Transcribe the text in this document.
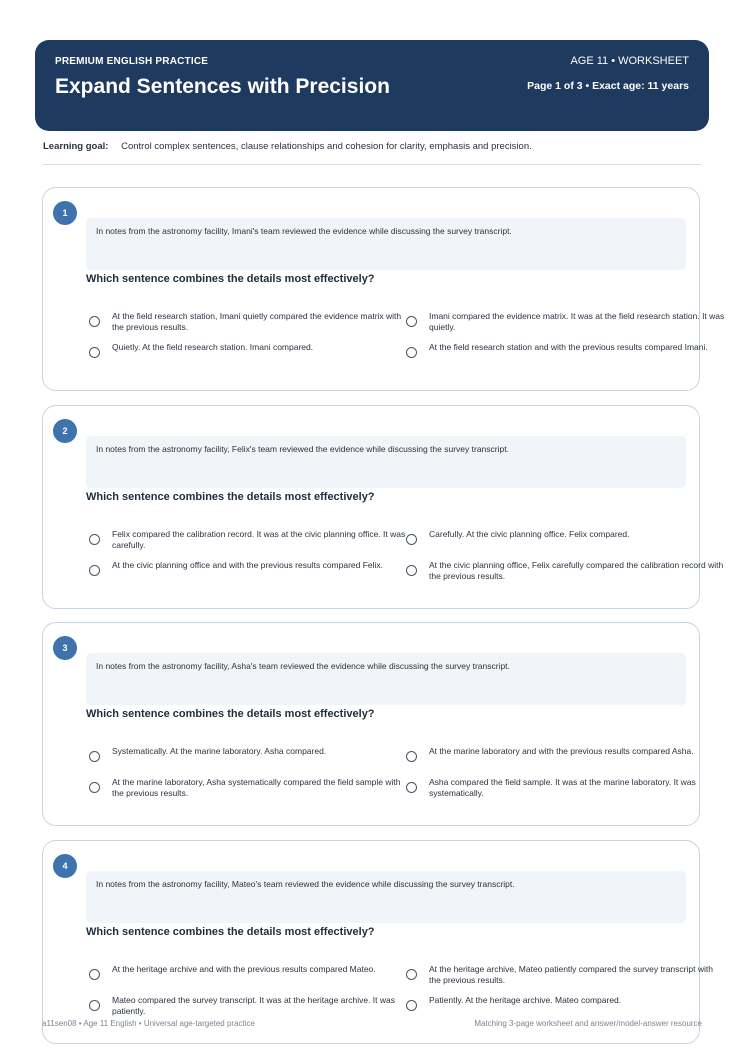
PREMIUM ENGLISH PRACTICE
Expand Sentences with Precision
AGE 11 • WORKSHEET
Page 1 of 3 • Exact age: 11 years
Learning goal: Control complex sentences, clause relationships and cohesion for clarity, emphasis and precision.
1
In notes from the astronomy facility, Imani's team reviewed the evidence while discussing the survey transcript.
Which sentence combines the details most effectively?
At the field research station, Imani quietly compared the evidence matrix with the previous results.
Imani compared the evidence matrix. It was at the field research station. It was quietly.
Quietly. At the field research station. Imani compared.	At the field research station and with the previous results compared Imani.
2
In notes from the astronomy facility, Felix's team reviewed the evidence while discussing the survey transcript.
Which sentence combines the details most effectively?
Felix compared the calibration record. It was at the civic planning office. It was carefully.
Carefully. At the civic planning office. Felix compared.
At the civic planning office and with the previous results compared Felix.	At the civic planning office, Felix carefully compared the calibration record with the previous results.
3
In notes from the astronomy facility, Asha's team reviewed the evidence while discussing the survey transcript.
Which sentence combines the details most effectively?
Systematically. At the marine laboratory. Asha compared.	At the marine laboratory and with the previous results compared Asha.
At the marine laboratory, Asha systematically compared the field sample with the previous results.
Asha compared the field sample. It was at the marine laboratory. It was systematically.
4
In notes from the astronomy facility, Mateo's team reviewed the evidence while discussing the survey transcript.
Which sentence combines the details most effectively?
At the heritage archive and with the previous results compared Mateo.	At the heritage archive, Mateo patiently compared the survey transcript with the previous results.
Mateo compared the survey transcript. It was at the heritage archive. It was patiently.
Patiently. At the heritage archive. Mateo compared.
a11sen08 • Age 11 English • Universal age-targeted practice	Matching 3-page worksheet and answer/model-answer resource
